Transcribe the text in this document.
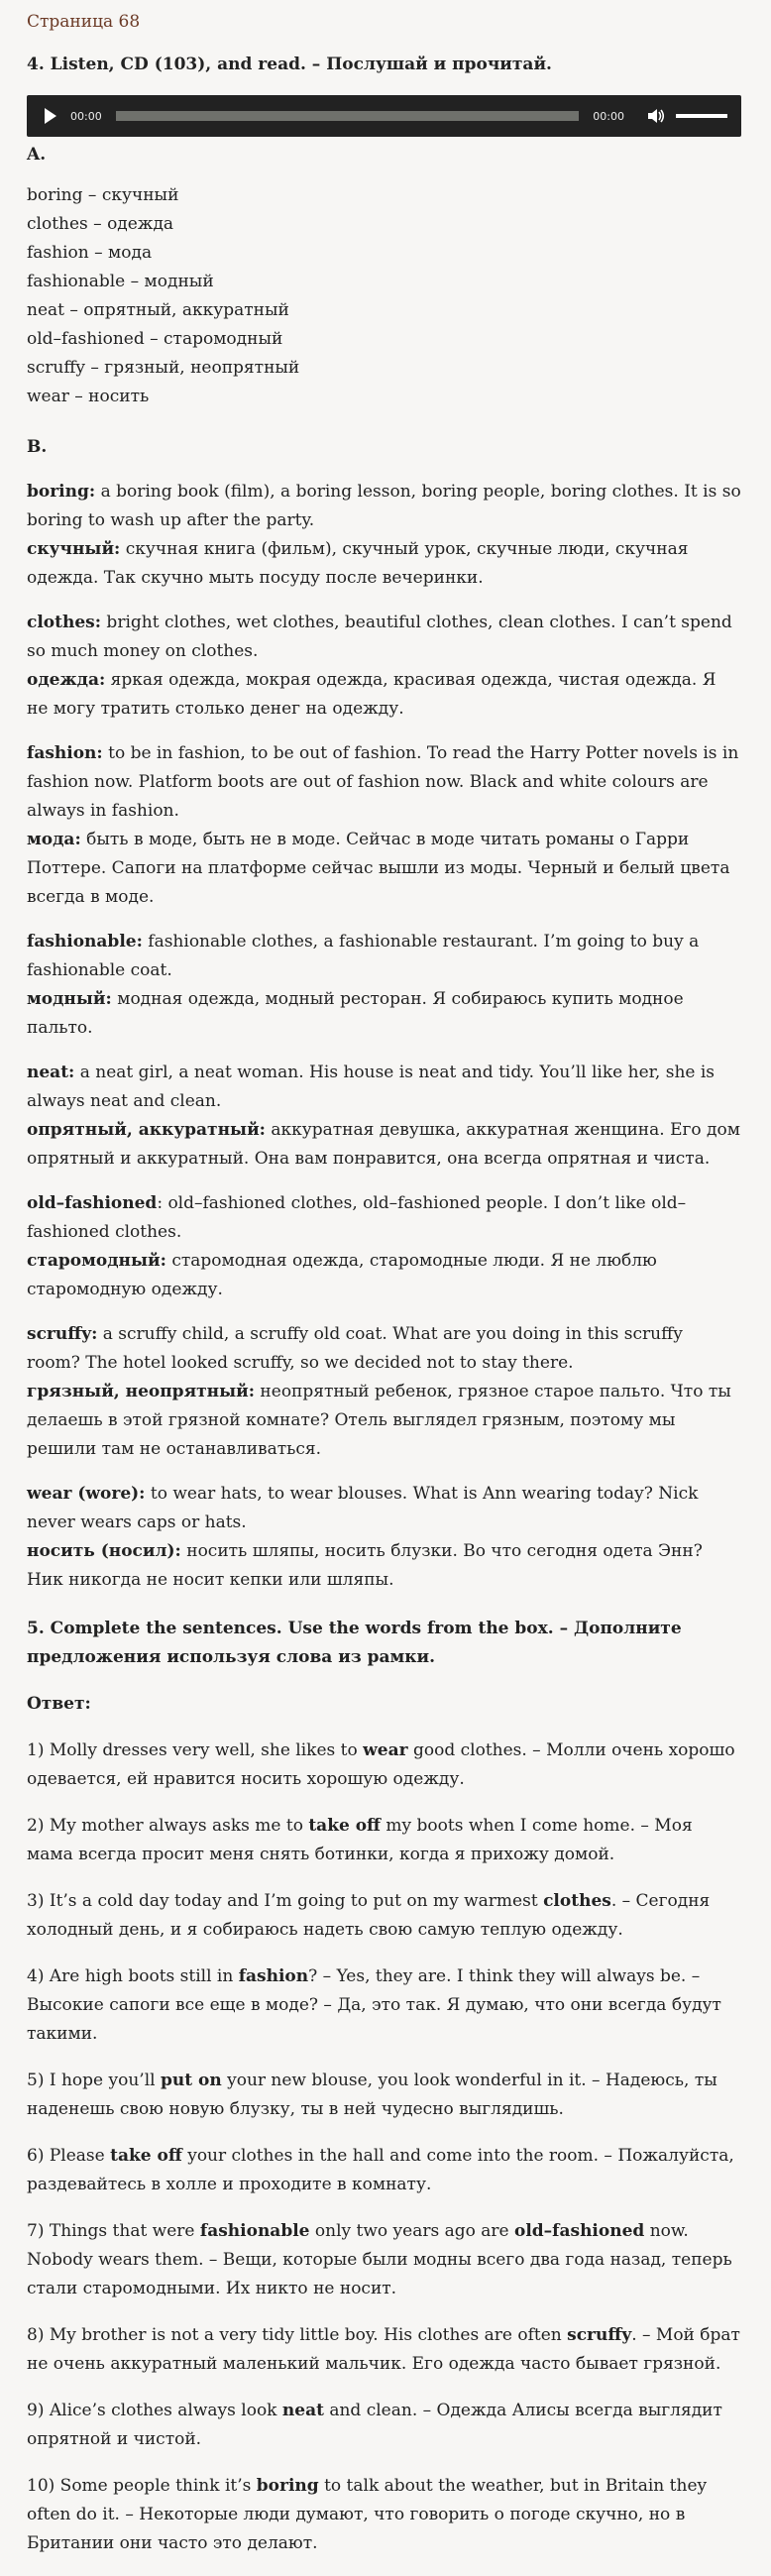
Страница 68
4. Listen, CD (103), and read. – Послушай и прочитай.
00:00	00:00
A.
boring – скучный
clothes – одежда
fashion – мода
fashionable – модный
neat – опрятный, аккуратный
old–fashioned – старомодный
scruffy – грязный, неопрятный
wear – носить
B.

boring: a boring book (film), a boring lesson, boring people, boring clothes. It is so boring to wash up after the party.

скучный: скучная книга (фильм), скучный урок, скучные люди, скучная одежда. Так скучно мыть посуду после вечеринки.

clothes: bright clothes, wet clothes, beautiful clothes, clean clothes. I can’t spend so much money on clothes.

одежда: яркая одежда, мокрая одежда, красивая одежда, чистая одежда. Я не могу тратить столько денег на одежду.

fashion: to be in fashion, to be out of fashion. To read the Harry Potter novels is in fashion now. Platform boots are out of fashion now. Black and white colours are always in fashion.

мода: быть в моде, быть не в моде. Сейчас в моде читать романы о Гарри Поттере. Сапоги на платформе сейчас вышли из моды. Черный и белый цвета всегда в моде.

fashionable: fashionable clothes, a fashionable restaurant. I’m going to buy a fashionable coat.

модный: модная одежда, модный ресторан. Я собираюсь купить модное пальто.

neat: a neat girl, a neat woman. His house is neat and tidy. You’ll like her, she is always neat and clean.

опрятный, аккуратный: аккуратная девушка, аккуратная женщина. Его дом опрятный и аккуратный. Она вам понравится, она всегда опрятная и чиста.

old–fashioned: old–fashioned clothes, old–fashioned people. I don’t like old–fashioned clothes.

старомодный: старомодная одежда, старомодные люди. Я не люблю старомодную одежду.

scruffy: a scruffy child, a scruffy old coat. What are you doing in this scruffy room? The hotel looked scruffy, so we decided not to stay there.

грязный, неопрятный: неопрятный ребенок, грязное старое пальто. Что ты делаешь в этой грязной комнате? Отель выглядел грязным, поэтому мы решили там не останавливаться.

wear (wore): to wear hats, to wear blouses. What is Ann wearing today? Nick never wears caps or hats.

носить (носил): носить шляпы, носить блузки. Во что сегодня одета Энн? Ник никогда не носит кепки или шляпы.

5. Complete the sentences. Use the words from the box. – Дополните предложения используя слова из рамки.
Ответ:

1) Molly dresses very well, she likes to wear good clothes. – Молли очень хорошо одевается, ей нравится носить хорошую одежду.

2) My mother always asks me to take off my boots when I come home. – Моя мама всегда просит меня снять ботинки, когда я прихожу домой.

3) It’s a cold day today and I’m going to put on my warmest clothes. – Сегодня холодный день, и я собираюсь надеть свою самую теплую одежду.

4) Are high boots still in fashion? – Yes, they are. I think they will always be. – Высокие сапоги все еще в моде? – Да, это так. Я думаю, что они всегда будут такими.

5) I hope you’ll put on your new blouse, you look wonderful in it. – Надеюсь, ты наденешь свою новую блузку, ты в ней чудесно выглядишь.

6) Please take off your clothes in the hall and come into the room. – Пожалуйста, раздевайтесь в холле и проходите в комнату.

7) Things that were fashionable only two years ago are old–fashioned now. Nobody wears them. – Вещи, которые были модны всего два года назад, теперь стали старомодными. Их никто не носит.

8) My brother is not a very tidy little boy. His clothes are often scruffy. – Мой брат не очень аккуратный маленький мальчик. Его одежда часто бывает грязной.

9) Alice’s clothes always look neat and clean. – Одежда Алисы всегда выглядит опрятной и чистой.

10) Some people think it’s boring to talk about the weather, but in Britain they often do it. – Некоторые люди думают, что говорить о погоде скучно, но в Британии они часто это делают.
